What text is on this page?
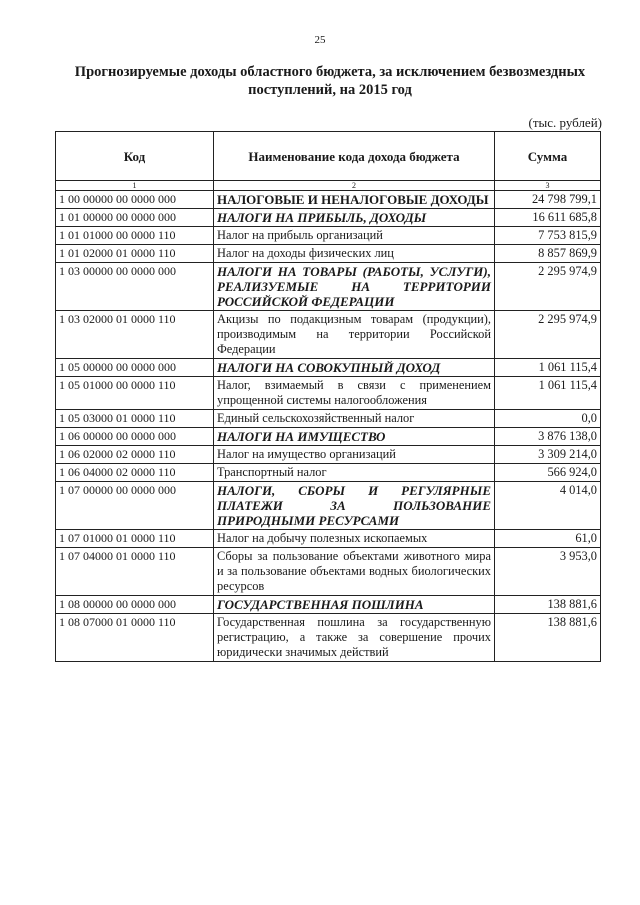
25
Прогнозируемые доходы областного бюджета, за исключением безвозмездных
поступлений, на 2015 год
(тыс. рублей)
Код	Наименование кода дохода бюджета	Сумма
1	2	3
1 00 00000 00 0000 000	НАЛОГОВЫЕ И НЕНАЛОГОВЫЕ ДОХОДЫ	24 798 799,1
1 01 00000 00 0000 000	НАЛОГИ НА ПРИБЫЛЬ, ДОХОДЫ	16 611 685,8
1 01 01000 00 0000 110	Налог на прибыль организаций	7 753 815,9
1 01 02000 01 0000 110	Налог на доходы физических лиц	8 857 869,9
1 03 00000 00 0000 000	НАЛОГИ НА ТОВАРЫ (РАБОТЫ, УСЛУГИ), РЕАЛИЗУЕМЫЕ НА ТЕРРИТОРИИ РОССИЙСКОЙ ФЕДЕРАЦИИ	2 295 974,9
1 03 02000 01 0000 110	Акцизы по подакцизным товарам (продукции), производимым на территории Российской Федерации	2 295 974,9
1 05 00000 00 0000 000	НАЛОГИ НА СОВОКУПНЫЙ ДОХОД	1 061 115,4
1 05 01000 00 0000 110	Налог, взимаемый в связи с применением упрощенной системы налогообложения	1 061 115,4
1 05 03000 01 0000 110	Единый сельскохозяйственный налог	0,0
1 06 00000 00 0000 000	НАЛОГИ НА ИМУЩЕСТВО	3 876 138,0
1 06 02000 02 0000 110	Налог на имущество организаций	3 309 214,0
1 06 04000 02 0000 110	Транспортный налог	566 924,0
1 07 00000 00 0000 000	НАЛОГИ, СБОРЫ И РЕГУЛЯРНЫЕ ПЛАТЕЖИ ЗА ПОЛЬЗОВАНИЕ ПРИРОДНЫМИ РЕСУРСАМИ	4 014,0
1 07 01000 01 0000 110	Налог на добычу полезных ископаемых	61,0
1 07 04000 01 0000 110	Сборы за пользование объектами животного мира и за пользование объектами водных биологических ресурсов	3 953,0
1 08 00000 00 0000 000	ГОСУДАРСТВЕННАЯ ПОШЛИНА	138 881,6
1 08 07000 01 0000 110	Государственная пошлина за государственную регистрацию, а также за совершение прочих юридически значимых действий	138 881,6
